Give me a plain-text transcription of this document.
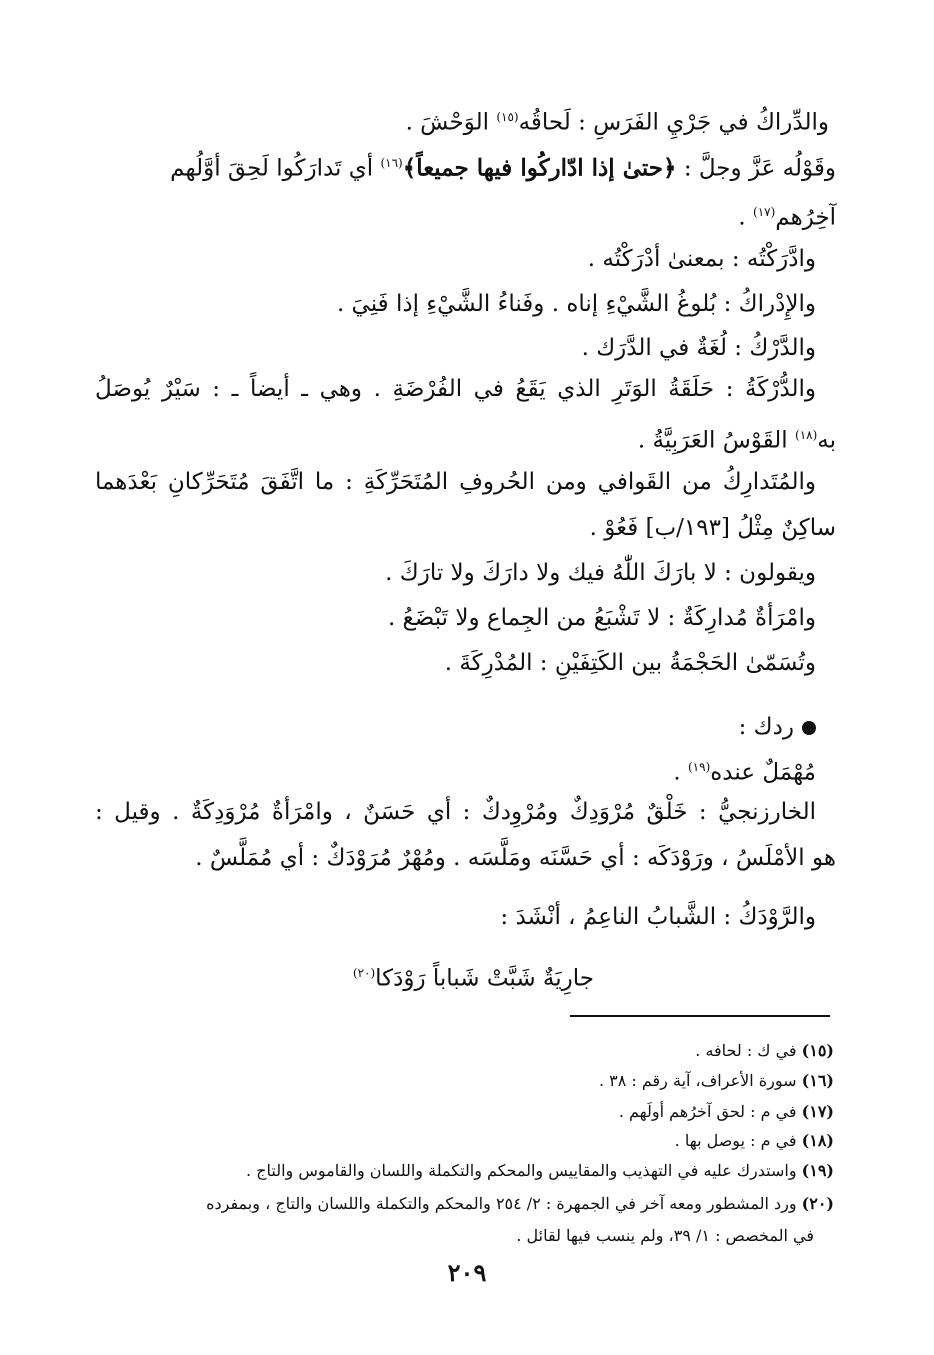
والدِّراكُ في جَرْيِ الفَرَسِ : لَحاقُه$^{(١٥)}$ الوَحْشَ .
وقَوْلُه عَزَّ وجلَّ : ﴿حتىٰ إذا ادّاركُوا فيها جميعاً﴾$^{(١٦)}$ أي تَدارَكُوا لَحِقَ أوَّلُهم
آخِرُهم$^{(١٧)}$ .
وادَّرَكْتُه : بمعنىٰ أدْرَكْتُه .
والإِدْراكُ : بُلوغُ الشَّيْءِ إناه . وفَناءُ الشَّيْءِ إذا فَنِيَ .
والدَّرْكُ : لُغَةٌ في الدَّرَك .
والدُّرْكَةُ : حَلَقَةُ الوَتَرِ الذي يَقَعُ في الفُرْضَةِ . وهي ـ أيضاً ـ : سَيْرٌ يُوصَلُ
به$^{(١٨)}$ القَوْسُ العَرَبِيَّةُ .
والمُتَدارِكُ من القَوافي ومن الحُروفِ المُتَحَرِّكَةِ : ما اتَّفَقَ مُتَحَرِّكانِ بَعْدَهما
ساكِنٌ مِثْلُ [١٩٣/ب] فَعُوْ .
ويقولون : لا بارَكَ اللّٰهُ فيك ولا دارَكَ ولا تارَكَ .
وامْرَأةٌ مُدارِكَةٌ : لا تَشْبَعُ من الجِماع ولا تَبْضَعُ .
وتُسَمّىٰ الحَجْمَةُ بين الكَتِفَيْنِ : المُدْرِكَةَ .
ردك :
مُهْمَلٌ عنده$^{(١٩)}$ .
الخارزنجيُّ : خَلْقٌ مُرْوَدِكٌ ومُرْوِدكٌ : أي حَسَنٌ ، وامْرَأةٌ مُرْوَدِكَةٌ . وقيل :
هو الأمْلَسُ ، ورَوْدَكَه : أي حَسَّنَه ومَلَّسَه . ومُهْرٌ مُرَوْدَكٌ : أي مُمَلَّسٌ .
والرَّوْدَكُ : الشَّبابُ الناعِمُ ، أنْشَدَ :
جارِيَةٌ شَبَّتْ شَباباً رَوْدَكا$^{(٢٠)}$
(١٥) في ك : لحافه .
(١٦) سورة الأعراف، آية رقم : ٣٨ .
(١٧) في م : لحق آخرُهم أولَهم .
(١٨) في م : يوصل بها .
(١٩) واستدرك عليه في التهذيب والمقاييس والمحكم والتكملة واللسان والقاموس والتاج .
(٢٠) ورد المشطور ومعه آخر في الجمهرة : ٢/ ٢٥٤ والمحكم والتكملة واللسان والتاج ، وبمفرده
في المخصص : ١/ ٣٩، ولم ينسب فيها لقائل .
٢٠٩
